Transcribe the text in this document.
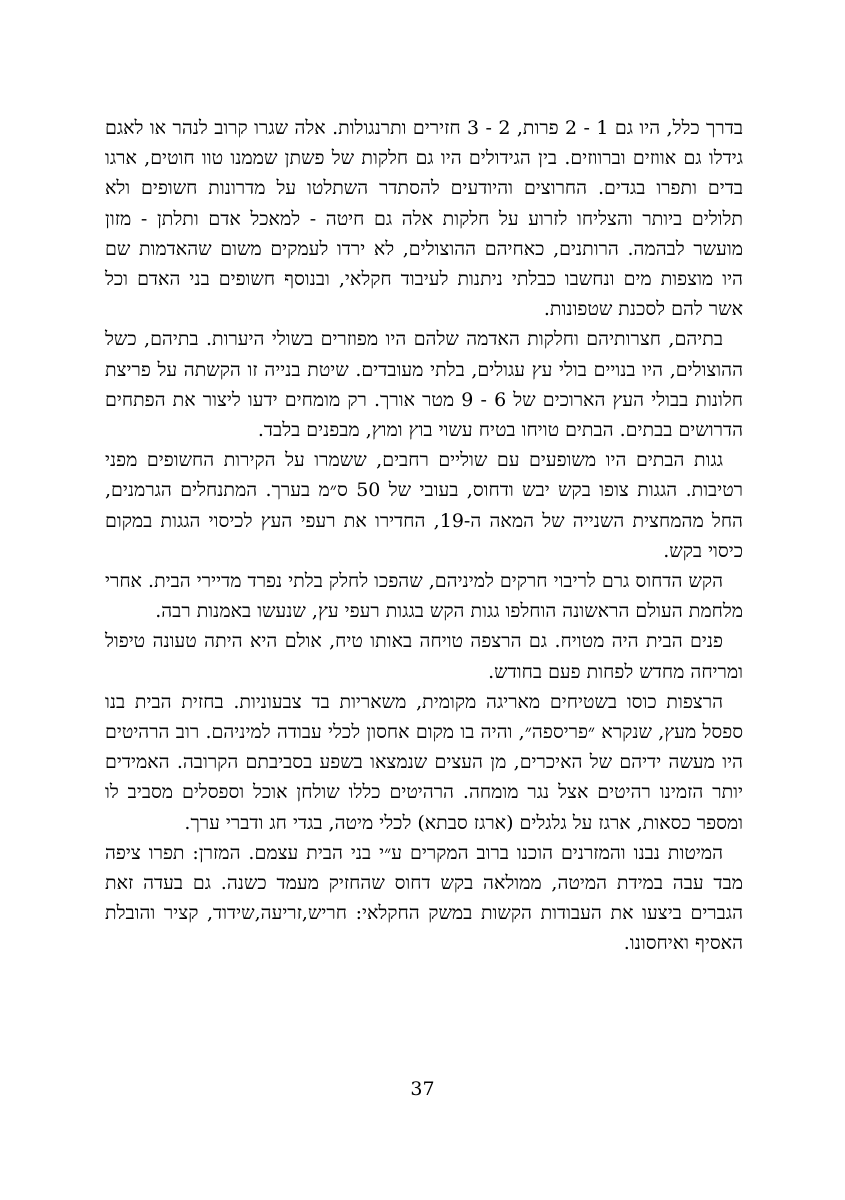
בדרך כלל, היו גם 1 - 2 פרות, 2 - 3 חזירים ותרנגולות. אלה שגרו קרוב לנהר או לאגם גידלו גם אווזים וברווזים. בין הגידולים היו גם חלקות של פשתן שממנו טוו חוטים, ארגו בדים ותפרו בגדים. החרוצים והיודעים להסתדר השתלטו על מדרונות חשופים ולא תלולים ביותר והצליחו לזרוע על חלקות אלה גם חיטה - למאכל אדם ותלתן - מזון מועשר לבהמה. הרותנים, כאחיהם ההוצולים, לא ירדו לעמקים משום שהאדמות שם היו מוצפות מים ונחשבו כבלתי ניתנות לעיבוד חקלאי, ובנוסף חשופים בני האדם וכל אשר להם לסכנת שטפונות.

בתיהם, חצרותיהם וחלקות האדמה שלהם היו מפוזרים בשולי היערות. בתיהם, כשל ההוצולים, היו בנויים בולי עץ עגולים, בלתי מעובדים. שיטת בנייה זו הקשתה על פריצת חלונות בבולי העץ הארוכים של 6 - 9 מטר אורך. רק מומחים ידעו ליצור את הפתחים הדרושים בבתים. הבתים טויחו בטיח עשוי בוץ ומוץ, מבפנים בלבד.

גגות הבתים היו משופעים עם שוליים רחבים, ששמרו על הקירות החשופים מפני רטיבות. הגגות צופו בקש יבש ודחוס, בעובי של 50 ס״מ בערך. המתנחלים הגרמנים, החל מהמחצית השנייה של המאה ה-19, החדירו את רעפי העץ לכיסוי הגגות במקום כיסוי בקש.

הקש הדחוס גרם לריבוי חרקים למיניהם, שהפכו לחלק בלתי נפרד מדיירי הבית. אחרי מלחמת העולם הראשונה הוחלפו גגות הקש בגגות רעפי עץ, שנעשו באמנות רבה.

פנים הבית היה מטויח. גם הרצפה טויחה באותו טיח, אולם היא היתה טעונה טיפול ומריחה מחדש לפחות פעם בחודש.

הרצפות כוסו בשטיחים מאריגה מקומית, משאריות בד צבעוניות. בחזית הבית בנו ספסל מעץ, שנקרא ״פריספה״, והיה בו מקום אחסון לכלי עבודה למיניהם. רוב הרהיטים היו מעשה ידיהם של האיכרים, מן העצים שנמצאו בשפע בסביבתם הקרובה. האמידים יותר הזמינו רהיטים אצל נגר מומחה. הרהיטים כללו שולחן אוכל וספסלים מסביב לו ומספר כסאות, ארגז על גלגלים (ארגז סבתא) לכלי מיטה, בגדי חג ודברי ערך.

המיטות נבנו והמזרנים הוכנו ברוב המקרים ע״י בני הבית עצמם. המזרן: תפרו ציפה מבד עבה במידת המיטה, ממולאה בקש דחוס שהחזיק מעמד כשנה. גם בעדה זאת הגברים ביצעו את העבודות הקשות במשק החקלאי: חריש,זריעה,שידוד, קציר והובלת האסיף ואיחסונו.

37
